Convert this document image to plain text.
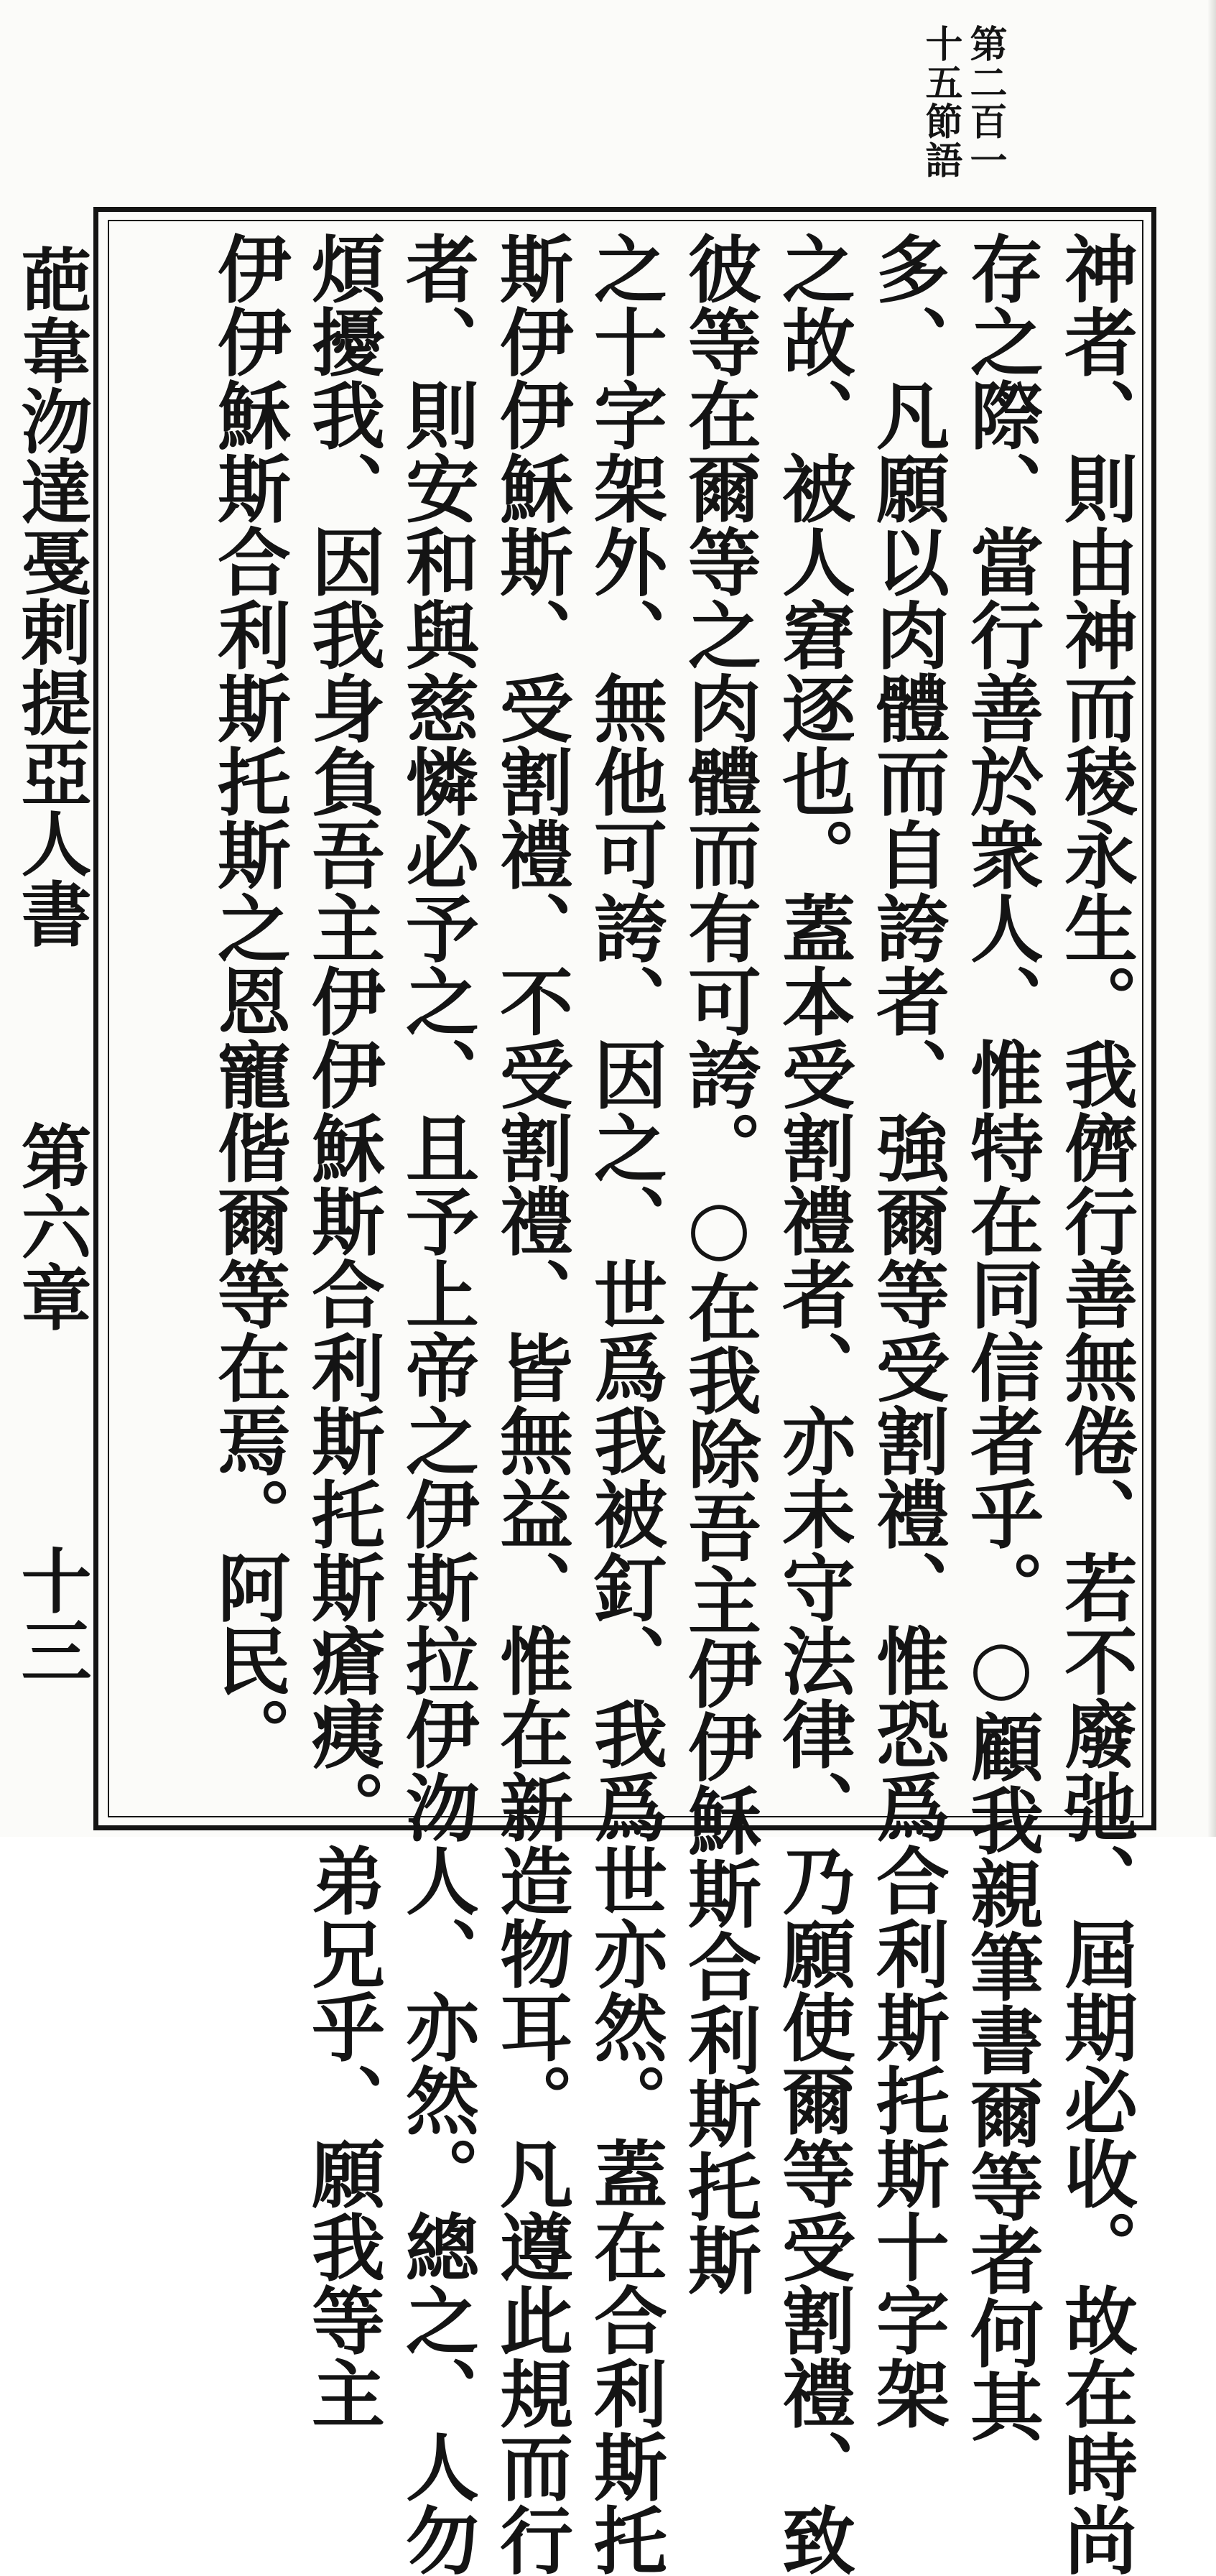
第二百一十五節語
神者、則由神而稜永生。我儕行善無倦、若不廢弛、屆期必收。故在時尚
存之際、當行善於衆人、惟特在同信者乎。○顧我親筆書爾等者何其
多、凡願以肉體而自誇者、強爾等受割禮、惟恐爲合利斯托斯十字架
之故、被人窘逐也。蓋本受割禮者、亦未守法律、乃願使爾等受割禮、致
彼等在爾等之肉體而有可誇。○在我除吾主伊伊穌斯合利斯托斯
之十字架外、無他可誇、因之、世爲我被釘、我爲世亦然。蓋在合利斯托
斯伊伊穌斯、受割禮、不受割禮、皆無益、惟在新造物耳。凡遵此規而行
者、則安和與慈憐必予之、且予上帝之伊斯拉伊沕人、亦然。總之、人勿
煩擾我、因我身負吾主伊伊穌斯合利斯托斯瘡痍。弟兄乎、願我等主
伊伊穌斯合利斯托斯之恩寵偕爾等在焉。阿民。
葩韋沕達戞剌提亞人書
第六章
十三
